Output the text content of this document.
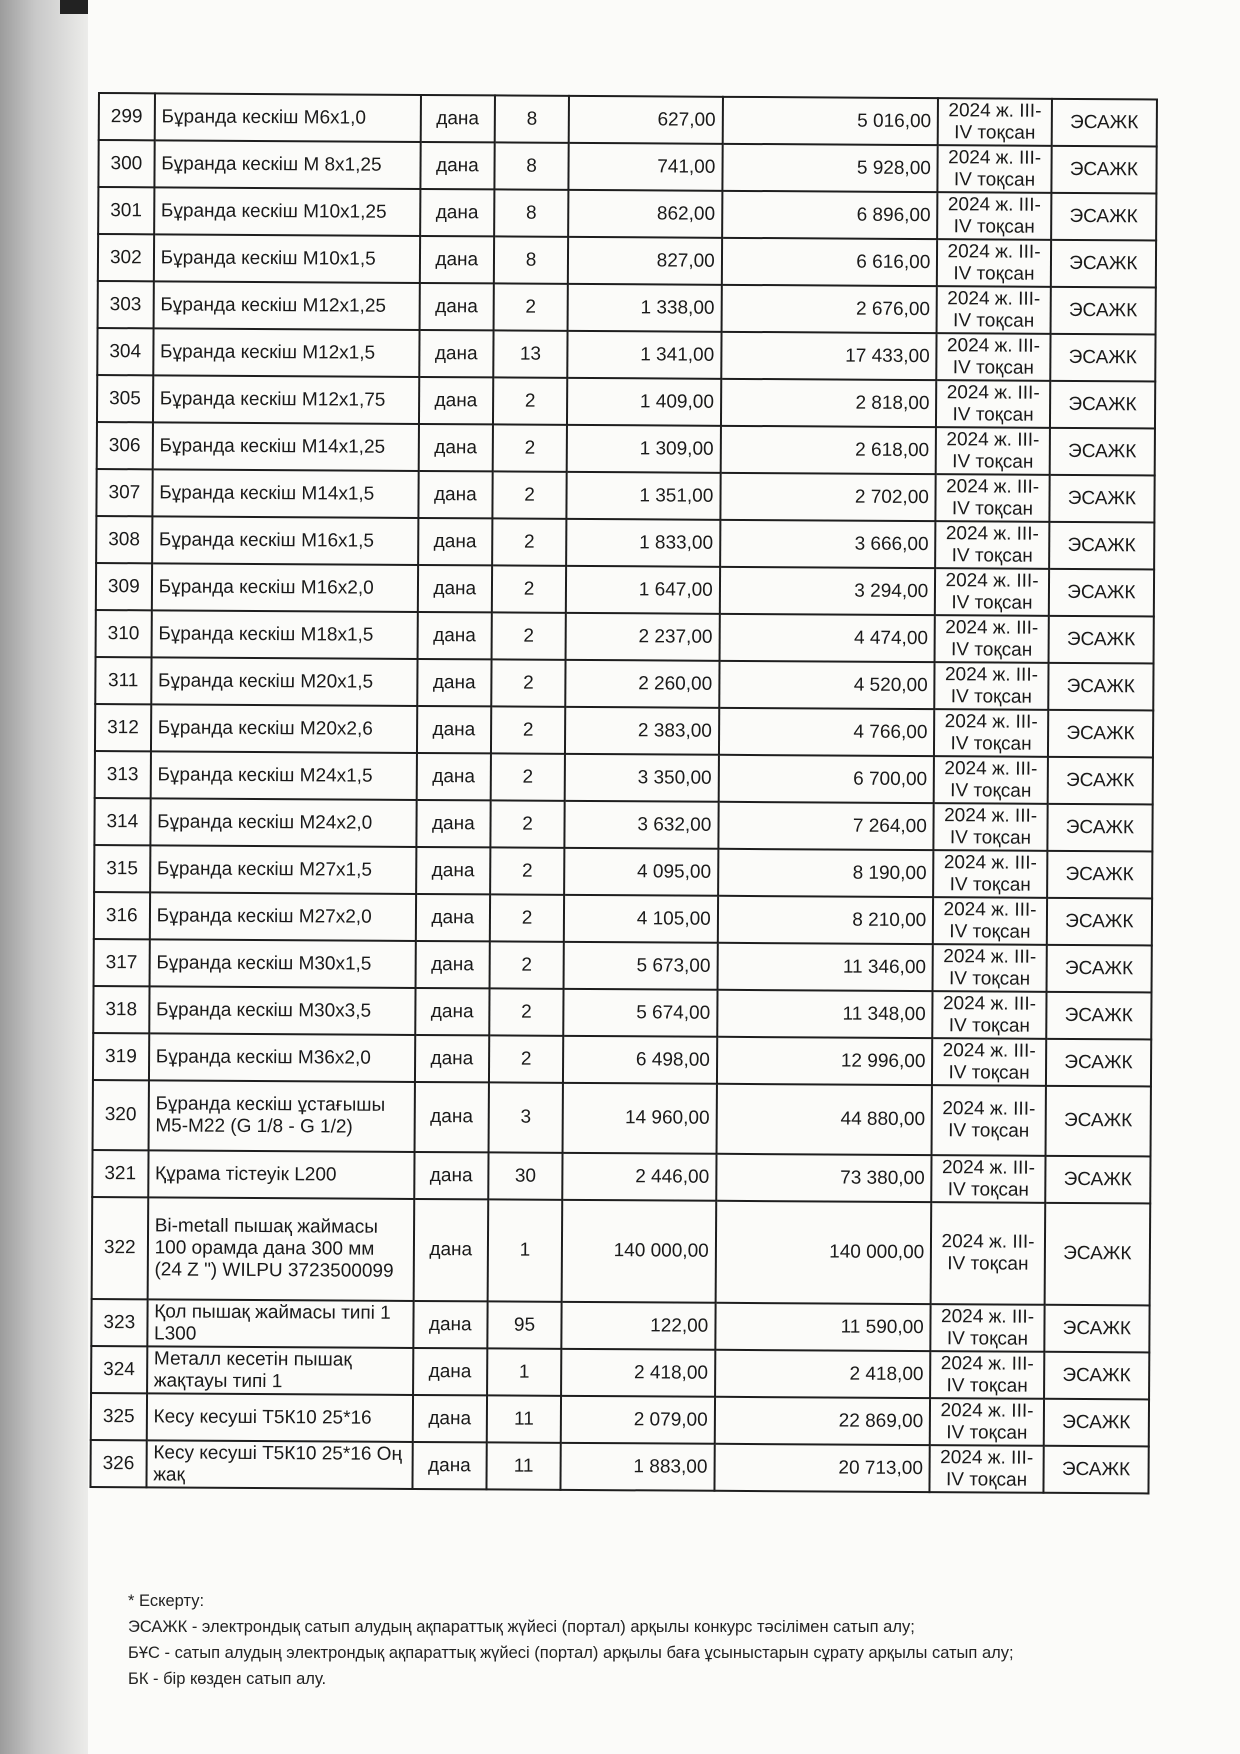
299	Бұранда кескіш М6х1,0	дана	8	627,00	5 016,00	2024 ж. III-IV тоқсан	ЭСАЖК
300	Бұранда кескіш М 8х1,25	дана	8	741,00	5 928,00	2024 ж. III-IV тоқсан	ЭСАЖК
301	Бұранда кескіш М10х1,25	дана	8	862,00	6 896,00	2024 ж. III-IV тоқсан	ЭСАЖК
302	Бұранда кескіш М10х1,5	дана	8	827,00	6 616,00	2024 ж. III-IV тоқсан	ЭСАЖК
303	Бұранда кескіш М12х1,25	дана	2	1 338,00	2 676,00	2024 ж. III-IV тоқсан	ЭСАЖК
304	Бұранда кескіш М12х1,5	дана	13	1 341,00	17 433,00	2024 ж. III-IV тоқсан	ЭСАЖК
305	Бұранда кескіш М12х1,75	дана	2	1 409,00	2 818,00	2024 ж. III-IV тоқсан	ЭСАЖК
306	Бұранда кескіш М14х1,25	дана	2	1 309,00	2 618,00	2024 ж. III-IV тоқсан	ЭСАЖК
307	Бұранда кескіш М14х1,5	дана	2	1 351,00	2 702,00	2024 ж. III-IV тоқсан	ЭСАЖК
308	Бұранда кескіш М16х1,5	дана	2	1 833,00	3 666,00	2024 ж. III-IV тоқсан	ЭСАЖК
309	Бұранда кескіш М16х2,0	дана	2	1 647,00	3 294,00	2024 ж. III-IV тоқсан	ЭСАЖК
310	Бұранда кескіш М18х1,5	дана	2	2 237,00	4 474,00	2024 ж. III-IV тоқсан	ЭСАЖК
311	Бұранда кескіш М20х1,5	дана	2	2 260,00	4 520,00	2024 ж. III-IV тоқсан	ЭСАЖК
312	Бұранда кескіш М20х2,6	дана	2	2 383,00	4 766,00	2024 ж. III-IV тоқсан	ЭСАЖК
313	Бұранда кескіш М24х1,5	дана	2	3 350,00	6 700,00	2024 ж. III-IV тоқсан	ЭСАЖК
314	Бұранда кескіш М24х2,0	дана	2	3 632,00	7 264,00	2024 ж. III-IV тоқсан	ЭСАЖК
315	Бұранда кескіш М27х1,5	дана	2	4 095,00	8 190,00	2024 ж. III-IV тоқсан	ЭСАЖК
316	Бұранда кескіш М27х2,0	дана	2	4 105,00	8 210,00	2024 ж. III-IV тоқсан	ЭСАЖК
317	Бұранда кескіш М30х1,5	дана	2	5 673,00	11 346,00	2024 ж. III-IV тоқсан	ЭСАЖК
318	Бұранда кескіш М30х3,5	дана	2	5 674,00	11 348,00	2024 ж. III-IV тоқсан	ЭСАЖК
319	Бұранда кескіш М36х2,0	дана	2	6 498,00	12 996,00	2024 ж. III-IV тоқсан	ЭСАЖК
320	Бұранда кескіш ұстағышы М5-М22 (G 1/8 - G 1/2)	дана	3	14 960,00	44 880,00	2024 ж. III-IV тоқсан	ЭСАЖК
321	Құрама тістеуік L200	дана	30	2 446,00	73 380,00	2024 ж. III-IV тоқсан	ЭСАЖК
322	Bi-metall пышақ жаймасы 100 орамда дана 300 мм (24 Z ") WILPU 3723500099	дана	1	140 000,00	140 000,00	2024 ж. III-IV тоқсан	ЭСАЖК
323	Қол пышақ жаймасы типі 1 L300	дана	95	122,00	11 590,00	2024 ж. III-IV тоқсан	ЭСАЖК
324	Металл кесетін пышақ жақтауы типі 1	дана	1	2 418,00	2 418,00	2024 ж. III-IV тоқсан	ЭСАЖК
325	Кесу кесуші Т5К10 25*16	дана	11	2 079,00	22 869,00	2024 ж. III-IV тоқсан	ЭСАЖК
326	Кесу кесуші Т5К10 25*16 Оң жақ	дана	11	1 883,00	20 713,00	2024 ж. III-IV тоқсан	ЭСАЖК
* Ескерту:
ЭСАЖК - электрондық сатып алудың ақпараттық жүйесі (портал) арқылы конкурс тәсілімен сатып алу;
БҰС - сатып алудың электрондық ақпараттық жүйесі (портал) арқылы баға ұсыныстарын сұрату арқылы сатып алу;
БК - бір көзден сатып алу.
